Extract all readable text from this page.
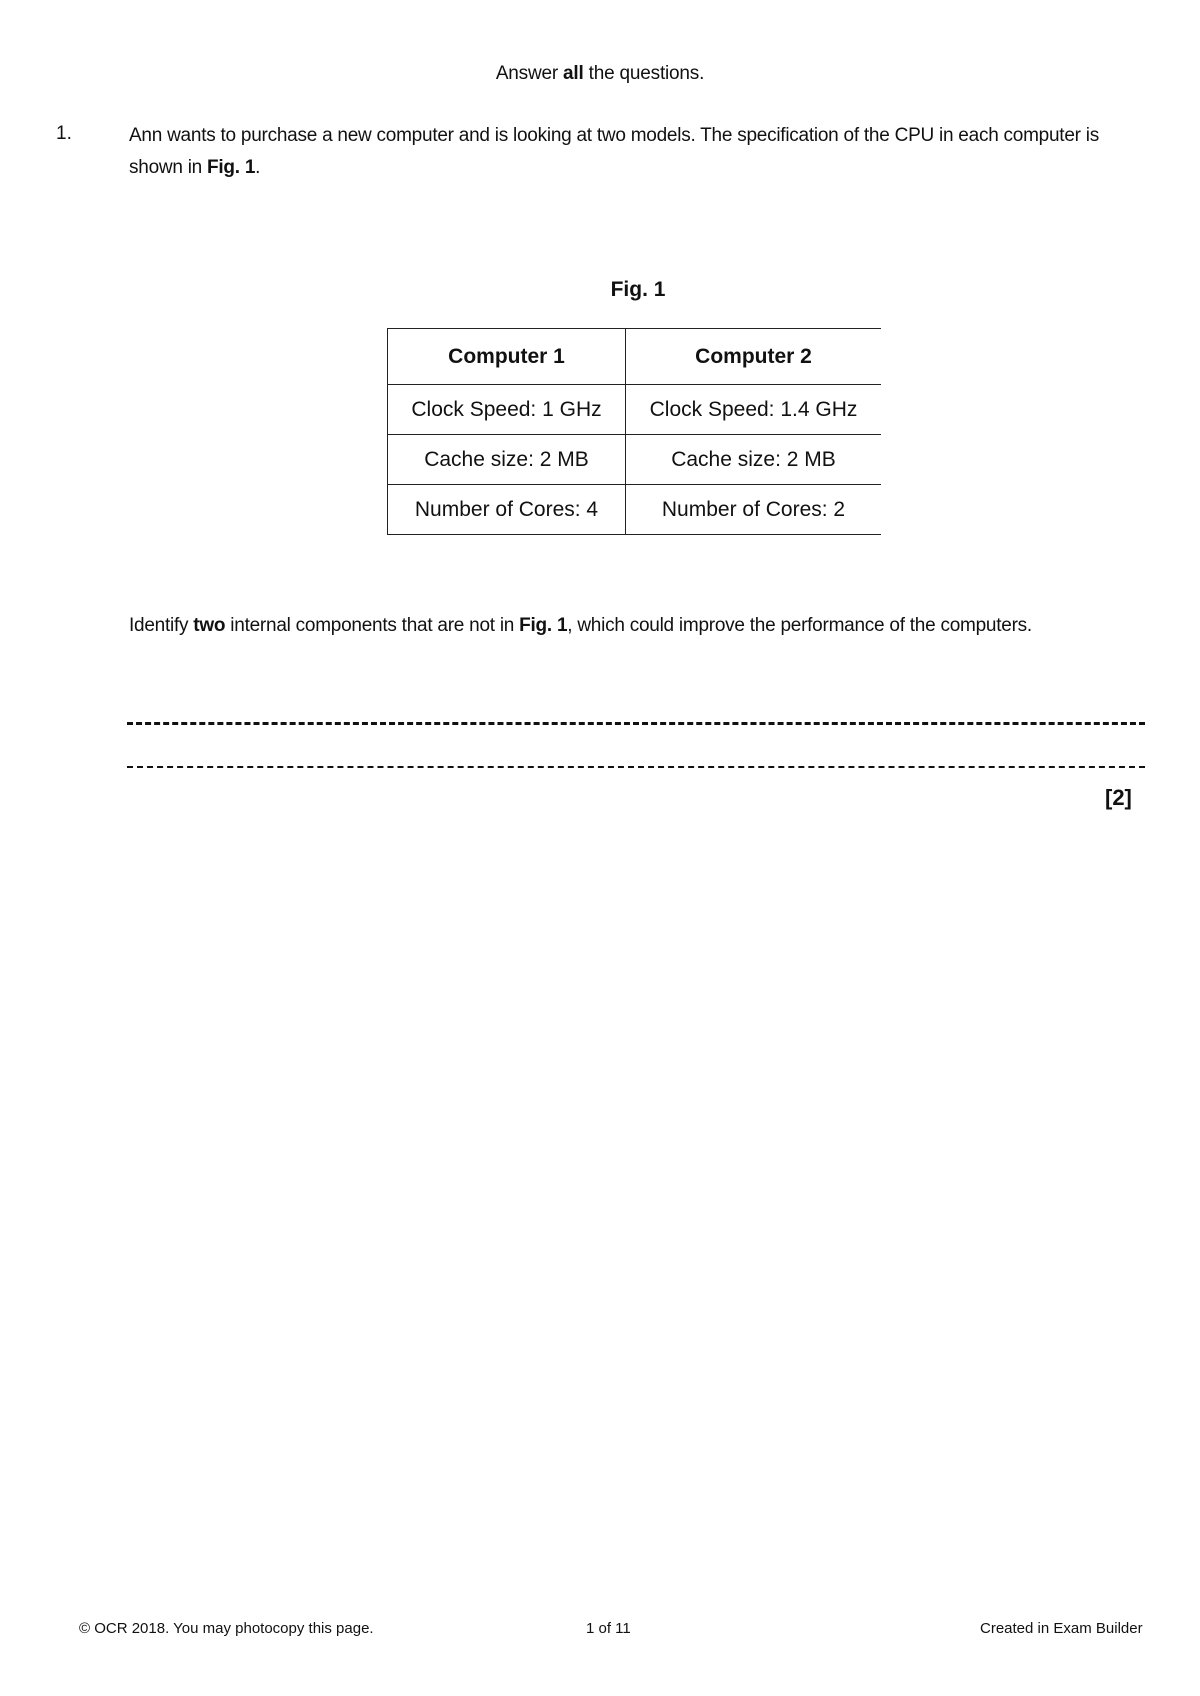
Answer all the questions.
1.	Ann wants to purchase a new computer and is looking at two models. The specification of the CPU in each computer is shown in Fig. 1.
Fig. 1
Computer 1	Computer 2
Clock Speed: 1 GHz	Clock Speed: 1.4 GHz
Cache size: 2 MB	Cache size: 2 MB
Number of Cores: 4	Number of Cores: 2
Identify two internal components that are not in Fig. 1, which could improve the performance of the computers.
[2]
© OCR 2018. You may photocopy this page.	1 of 11	Created in Exam Builder
